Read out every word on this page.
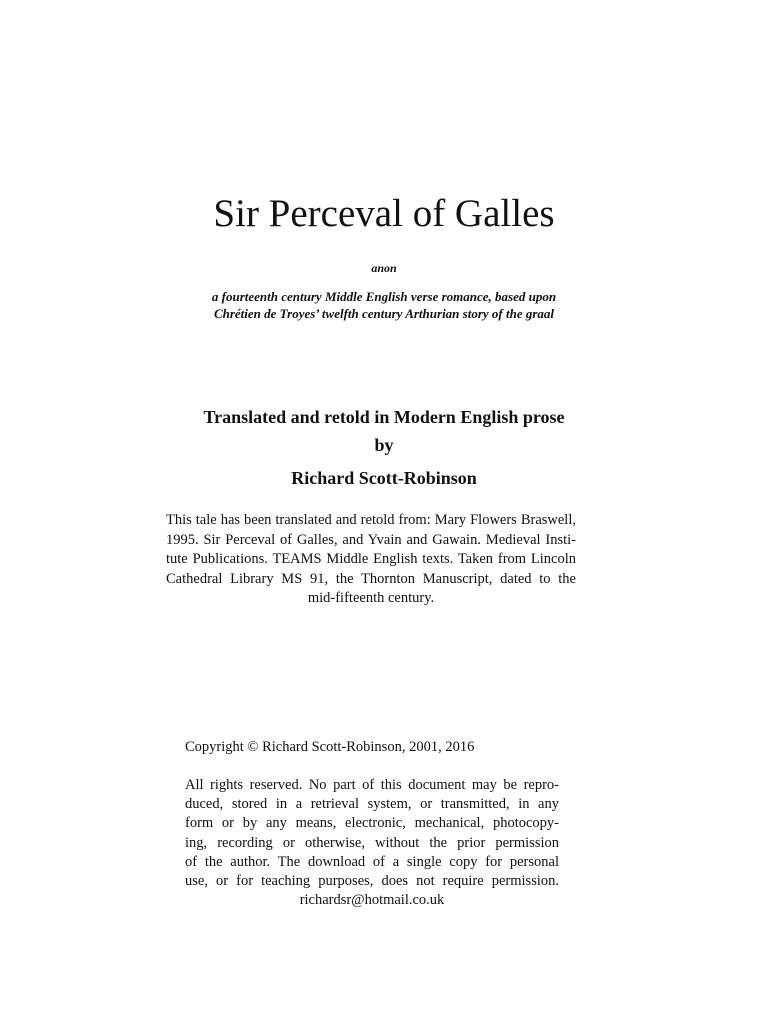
Sir Perceval of Galles
anon
a fourteenth century Middle English verse romance, based upon
Chrétien de Troyes’ twelfth century Arthurian story of the graal
Translated and retold in Modern English prose
by
Richard Scott-Robinson
This tale has been translated and retold from: Mary Flowers Braswell,
1995. Sir Perceval of Galles, and Yvain and Gawain. Medieval Insti-
tute Publications. TEAMS Middle English texts. Taken from Lincoln
Cathedral Library MS 91, the Thornton Manuscript, dated to the
mid-fifteenth century.
Copyright © Richard Scott-Robinson, 2001, 2016
All rights reserved. No part of this document may be repro-
duced, stored in a retrieval system, or transmitted, in any
form or by any means, electronic, mechanical, photocopy-
ing, recording or otherwise, without the prior permission
of the author. The download of a single copy for personal
use, or for teaching purposes, does not require permission.
richardsr@hotmail.co.uk
